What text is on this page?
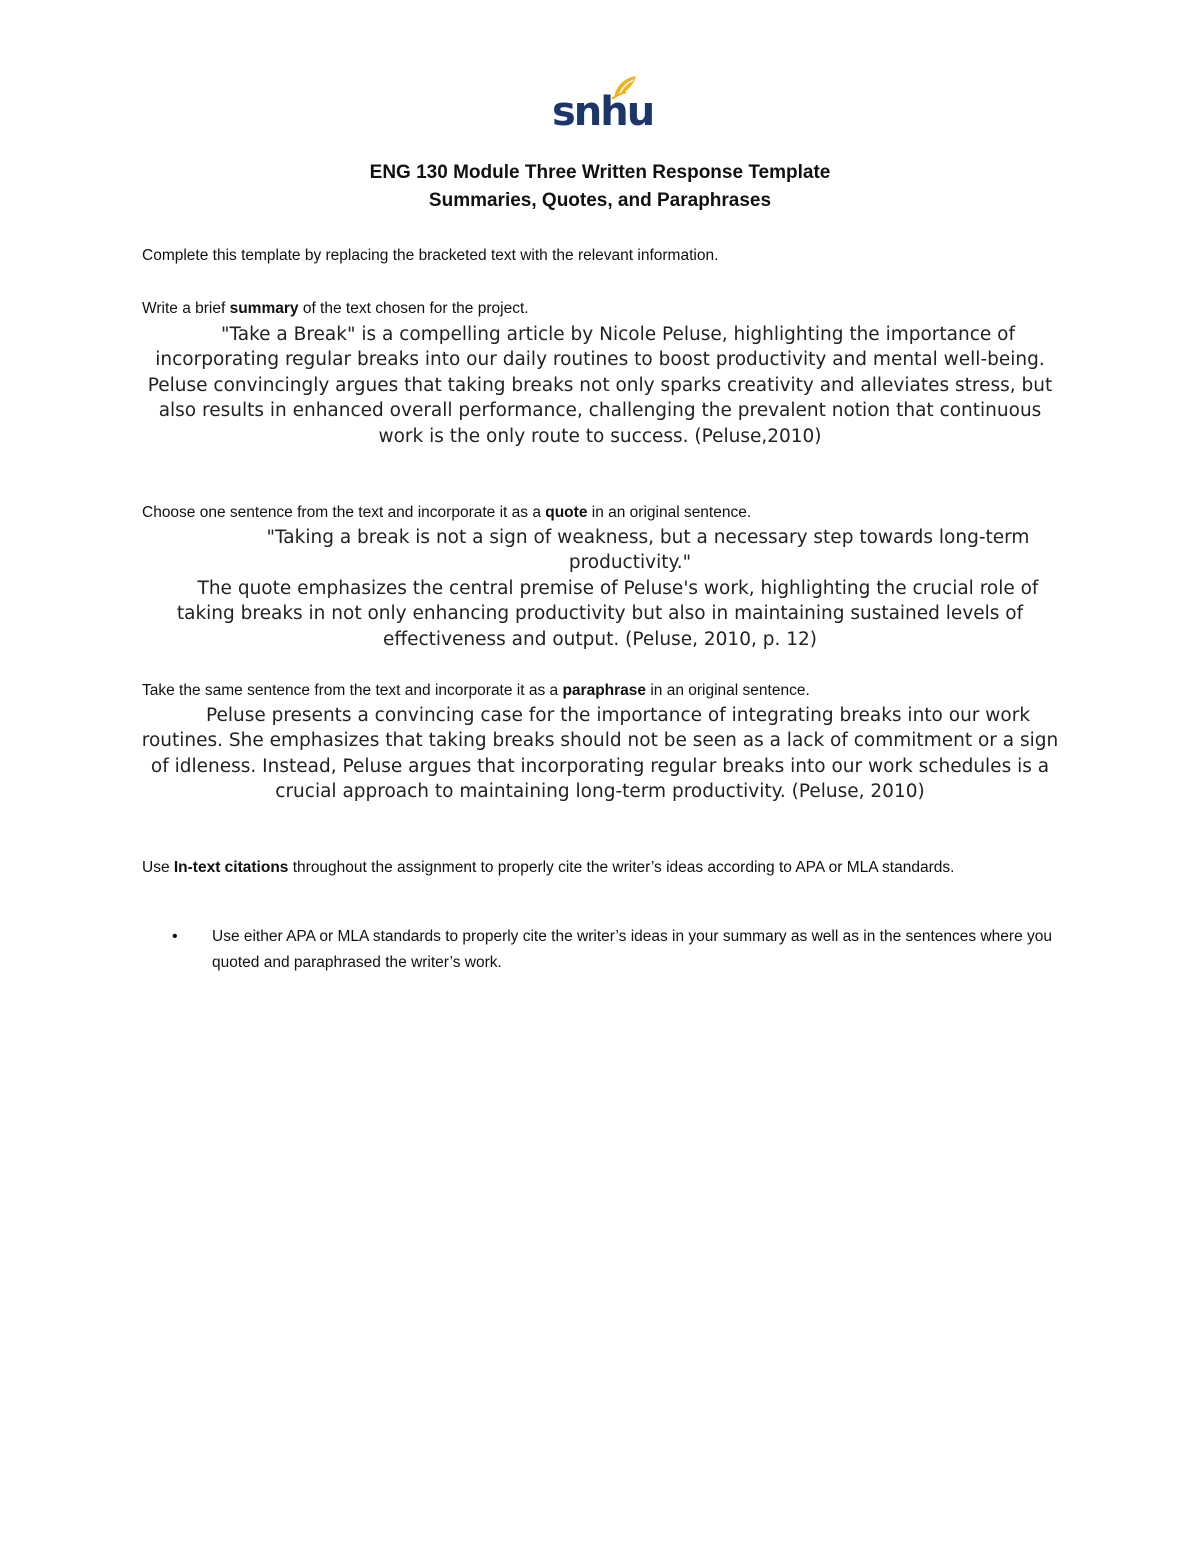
snhu
ENG 130 Module Three Written Response Template
Summaries, Quotes, and Paraphrases
Complete this template by replacing the bracketed text with the relevant information.
Write a brief summary of the text chosen for the project.

"Take a Break" is a compelling article by Nicole Peluse, highlighting the importance of incorporating regular breaks into our daily routines to boost productivity and mental well-being. Peluse convincingly argues that taking breaks not only sparks creativity and alleviates stress, but also results in enhanced overall performance, challenging the prevalent notion that continuous work is the only route to success. (Peluse,2010)

Choose one sentence from the text and incorporate it as a quote in an original sentence.

"Taking a break is not a sign of weakness, but a necessary step towards long-term productivity."

The quote emphasizes the central premise of Peluse's work, highlighting the crucial role of taking breaks in not only enhancing productivity but also in maintaining sustained levels of effectiveness and output. (Peluse, 2010, p. 12)

Take the same sentence from the text and incorporate it as a paraphrase in an original sentence.

Peluse presents a convincing case for the importance of integrating breaks into our work routines. She emphasizes that taking breaks should not be seen as a lack of commitment or a sign of idleness. Instead, Peluse argues that incorporating regular breaks into our work schedules is a crucial approach to maintaining long-term productivity. (Peluse, 2010)

Use In-text citations throughout the assignment to properly cite the writer’s ideas according to APA or MLA standards.
• Use either APA or MLA standards to properly cite the writer’s ideas in your summary as well as in the sentences where you quoted and paraphrased the writer’s work.
